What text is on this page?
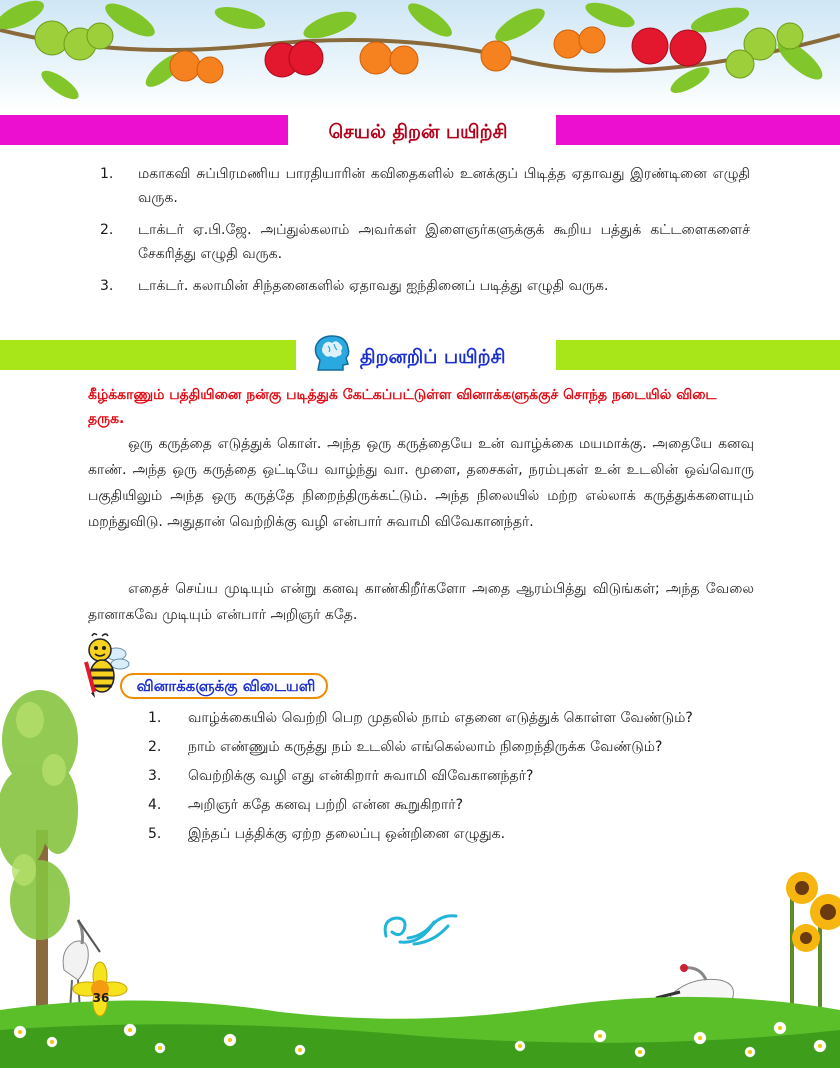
செயல் திறன் பயிற்சி
1. மகாகவி சுப்பிரமணிய பாரதியாரின் கவிதைகளில் உனக்குப் பிடித்த ஏதாவது இரண்டினை எழுதி வருக.
2. டாக்டர் ஏ.பி.ஜே. அப்துல்கலாம் அவர்கள் இளைஞர்களுக்குக் கூறிய பத்துக் கட்டளைகளைச் சேகரித்து எழுதி வருக.
3. டாக்டர். கலாமின் சிந்தனைகளில் ஏதாவது ஐந்தினைப் படித்து எழுதி வருக.
திறனறிப் பயிற்சி
கீழ்க்காணும் பத்தியினை நன்கு படித்துக் கேட்கப்பட்டுள்ள வினாக்களுக்குச் சொந்த நடையில் விடை தருக.

ஒரு கருத்தை எடுத்துக் கொள். அந்த ஒரு கருத்தையே உன் வாழ்க்கை மயமாக்கு. அதையே கனவு காண். அந்த ஒரு கருத்தை ஒட்டியே வாழ்ந்து வா. மூளை, தசைகள், நரம்புகள் உன் உடலின் ஒவ்வொரு பகுதியிலும் அந்த ஒரு கருத்தே நிறைந்திருக்கட்டும். அந்த நிலையில் மற்ற எல்லாக் கருத்துக்களையும் மறந்துவிடு. அதுதான் வெற்றிக்கு வழி என்பார் சுவாமி விவேகானந்தர்.

எதைச் செய்ய முடியும் என்று கனவு காண்கிறீர்களோ அதை ஆரம்பித்து விடுங்கள்; அந்த வேலை தானாகவே முடியும் என்பார் அறிஞர் கதே.

வினாக்களுக்கு விடையளி
1. வாழ்க்கையில் வெற்றி பெற முதலில் நாம் எதனை எடுத்துக் கொள்ள வேண்டும்?
2. நாம் எண்ணும் கருத்து நம் உடலில் எங்கெல்லாம் நிறைந்திருக்க வேண்டும்?
3. வெற்றிக்கு வழி எது என்கிறார் சுவாமி விவேகானந்தர்?
4. அறிஞர் கதே கனவு பற்றி என்ன கூறுகிறார்?
5. இந்தப் பத்திக்கு ஏற்ற தலைப்பு ஒன்றினை எழுதுக.
36
